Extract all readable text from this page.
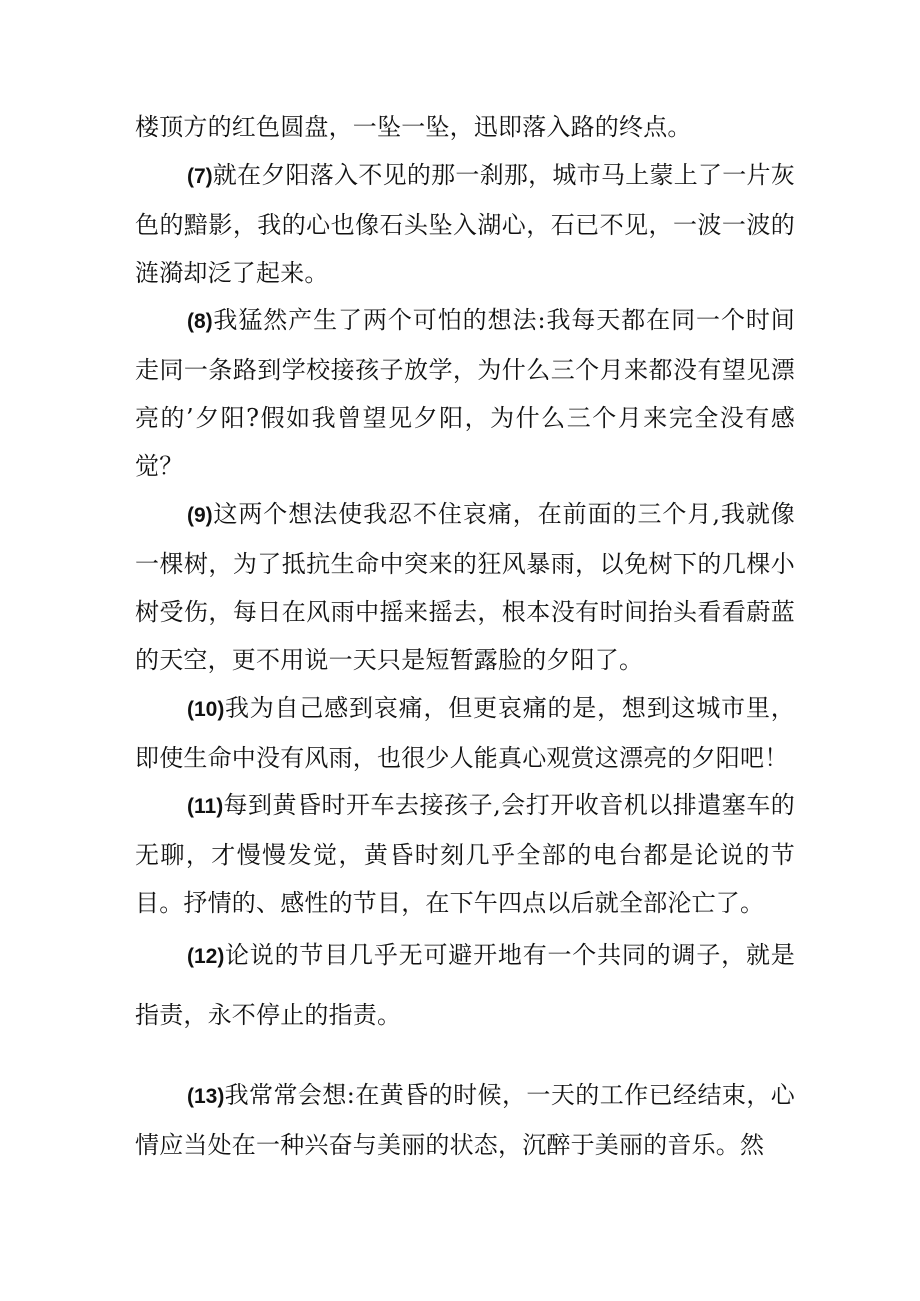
楼顶方的红色圆盘，一坠一坠，迅即落入路的终点。

(7)就在夕阳落入不见的那一刹那，城市马上蒙上了一片灰色的黯影，我的心也像石头坠入湖心，石已不见，一波一波的涟漪却泛了起来。

(8)我猛然产生了两个可怕的想法:我每天都在同一个时间走同一条路到学校接孩子放学，为什么三个月来都没有望见漂亮的’夕阳?假如我曾望见夕阳，为什么三个月来完全没有感觉？

(9)这两个想法使我忍不住哀痛，在前面的三个月,我就像一棵树，为了抵抗生命中突来的狂风暴雨，以免树下的几棵小树受伤，每日在风雨中摇来摇去，根本没有时间抬头看看蔚蓝的天空，更不用说一天只是短暂露脸的夕阳了。

(10)我为自己感到哀痛，但更哀痛的是，想到这城市里，即使生命中没有风雨，也很少人能真心观赏这漂亮的夕阳吧！

(11)每到黄昏时开车去接孩子,会打开收音机以排遣塞车的无聊，才慢慢发觉，黄昏时刻几乎全部的电台都是论说的节目。抒情的、感性的节目，在下午四点以后就全部沦亡了。

(12)论说的节目几乎无可避开地有一个共同的调子，就是指责，永不停止的指责。

(13)我常常会想:在黄昏的时候，一天的工作已经结束，心情应当处在一种兴奋与美丽的状态，沉醉于美丽的音乐。然
